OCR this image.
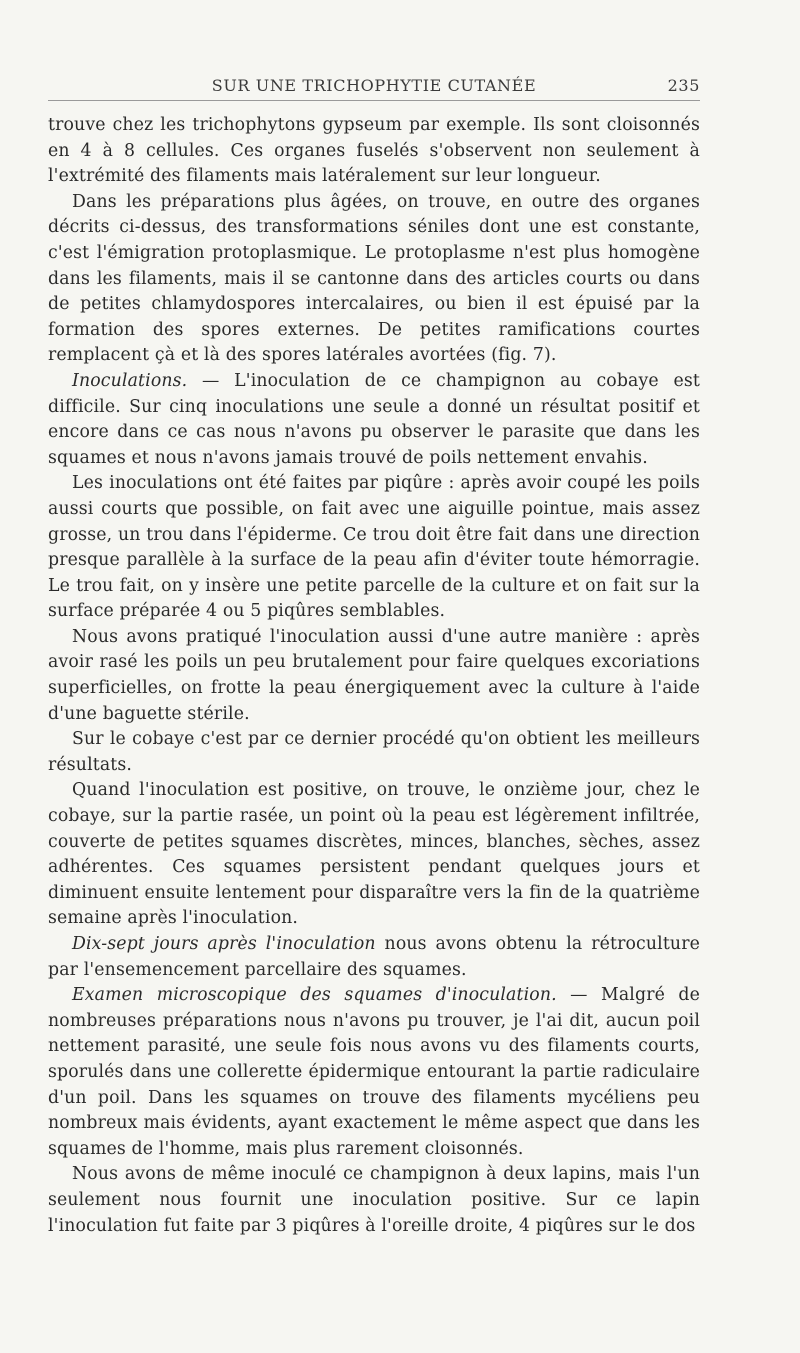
SUR UNE TRICHOPHYTIE CUTANÉE	235

trouve chez les trichophytons gypseum par exemple. Ils sont cloisonnés en 4 à 8 cellules. Ces organes fuselés s'observent non seulement à l'extrémité des filaments mais latéralement sur leur longueur.

Dans les préparations plus âgées, on trouve, en outre des organes décrits ci-dessus, des transformations séniles dont une est constante, c'est l'émigration protoplasmique. Le protoplasme n'est plus homogène dans les filaments, mais il se cantonne dans des articles courts ou dans de petites chlamydospores intercalaires, ou bien il est épuisé par la formation des spores externes. De petites ramifications courtes remplacent çà et là des spores latérales avortées (fig. 7).

Inoculations. — L'inoculation de ce champignon au cobaye est difficile. Sur cinq inoculations une seule a donné un résultat positif et encore dans ce cas nous n'avons pu observer le parasite que dans les squames et nous n'avons jamais trouvé de poils nettement envahis.

Les inoculations ont été faites par piqûre : après avoir coupé les poils aussi courts que possible, on fait avec une aiguille pointue, mais assez grosse, un trou dans l'épiderme. Ce trou doit être fait dans une direction presque parallèle à la surface de la peau afin d'éviter toute hémorragie. Le trou fait, on y insère une petite parcelle de la culture et on fait sur la surface préparée 4 ou 5 piqûres semblables.

Nous avons pratiqué l'inoculation aussi d'une autre manière : après avoir rasé les poils un peu brutalement pour faire quelques excoriations superficielles, on frotte la peau énergiquement avec la culture à l'aide d'une baguette stérile.

Sur le cobaye c'est par ce dernier procédé qu'on obtient les meilleurs résultats.

Quand l'inoculation est positive, on trouve, le onzième jour, chez le cobaye, sur la partie rasée, un point où la peau est légèrement infiltrée, couverte de petites squames discrètes, minces, blanches, sèches, assez adhérentes. Ces squames persistent pendant quelques jours et diminuent ensuite lentement pour disparaître vers la fin de la quatrième semaine après l'inoculation.

Dix-sept jours après l'inoculation nous avons obtenu la rétroculture par l'ensemencement parcellaire des squames.

Examen microscopique des squames d'inoculation. — Malgré de nombreuses préparations nous n'avons pu trouver, je l'ai dit, aucun poil nettement parasité, une seule fois nous avons vu des filaments courts, sporulés dans une collerette épidermique entourant la partie radiculaire d'un poil. Dans les squames on trouve des filaments mycéliens peu nombreux mais évidents, ayant exactement le même aspect que dans les squames de l'homme, mais plus rarement cloisonnés.

Nous avons de même inoculé ce champignon à deux lapins, mais l'un seulement nous fournit une inoculation positive. Sur ce lapin l'inoculation fut faite par 3 piqûres à l'oreille droite, 4 piqûres sur le dos
